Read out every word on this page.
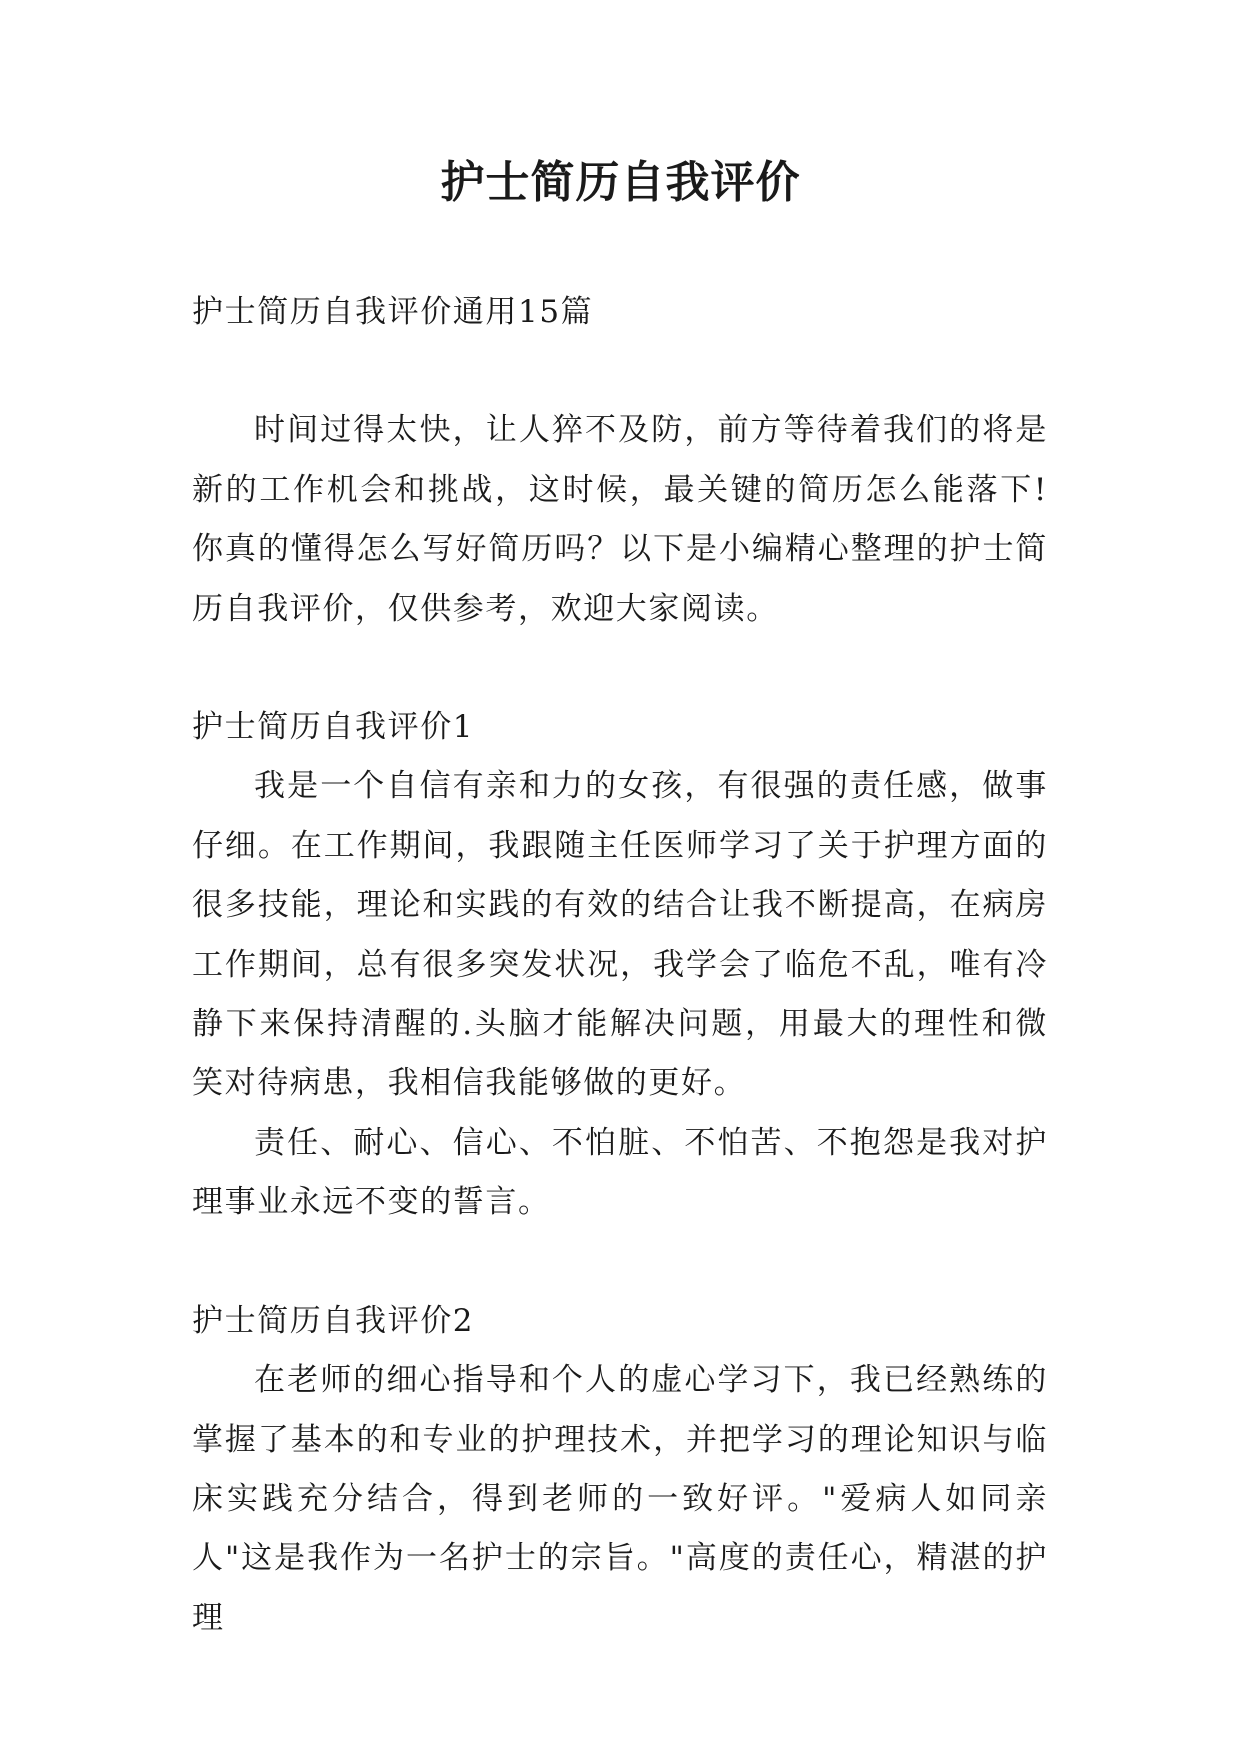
护士简历自我评价

护士简历自我评价通用15篇

时间过得太快，让人猝不及防，前方等待着我们的将是新的工作机会和挑战，这时候，最关键的简历怎么能落下!你真的懂得怎么写好简历吗？以下是小编精心整理的护士简历自我评价，仅供参考，欢迎大家阅读。

护士简历自我评价1

我是一个自信有亲和力的女孩，有很强的责任感，做事仔细。在工作期间，我跟随主任医师学习了关于护理方面的很多技能，理论和实践的有效的结合让我不断提高，在病房工作期间，总有很多突发状况，我学会了临危不乱，唯有冷静下来保持清醒的.头脑才能解决问题，用最大的理性和微笑对待病患，我相信我能够做的更好。

责任、耐心、信心、不怕脏、不怕苦、不抱怨是我对护理事业永远不变的誓言。

护士简历自我评价2

在老师的细心指导和个人的虚心学习下，我已经熟练的掌握了基本的和专业的护理技术，并把学习的理论知识与临床实践充分结合，得到老师的一致好评。"爱病人如同亲人"这是我作为一名护士的宗旨。"高度的责任心，精湛的护理
